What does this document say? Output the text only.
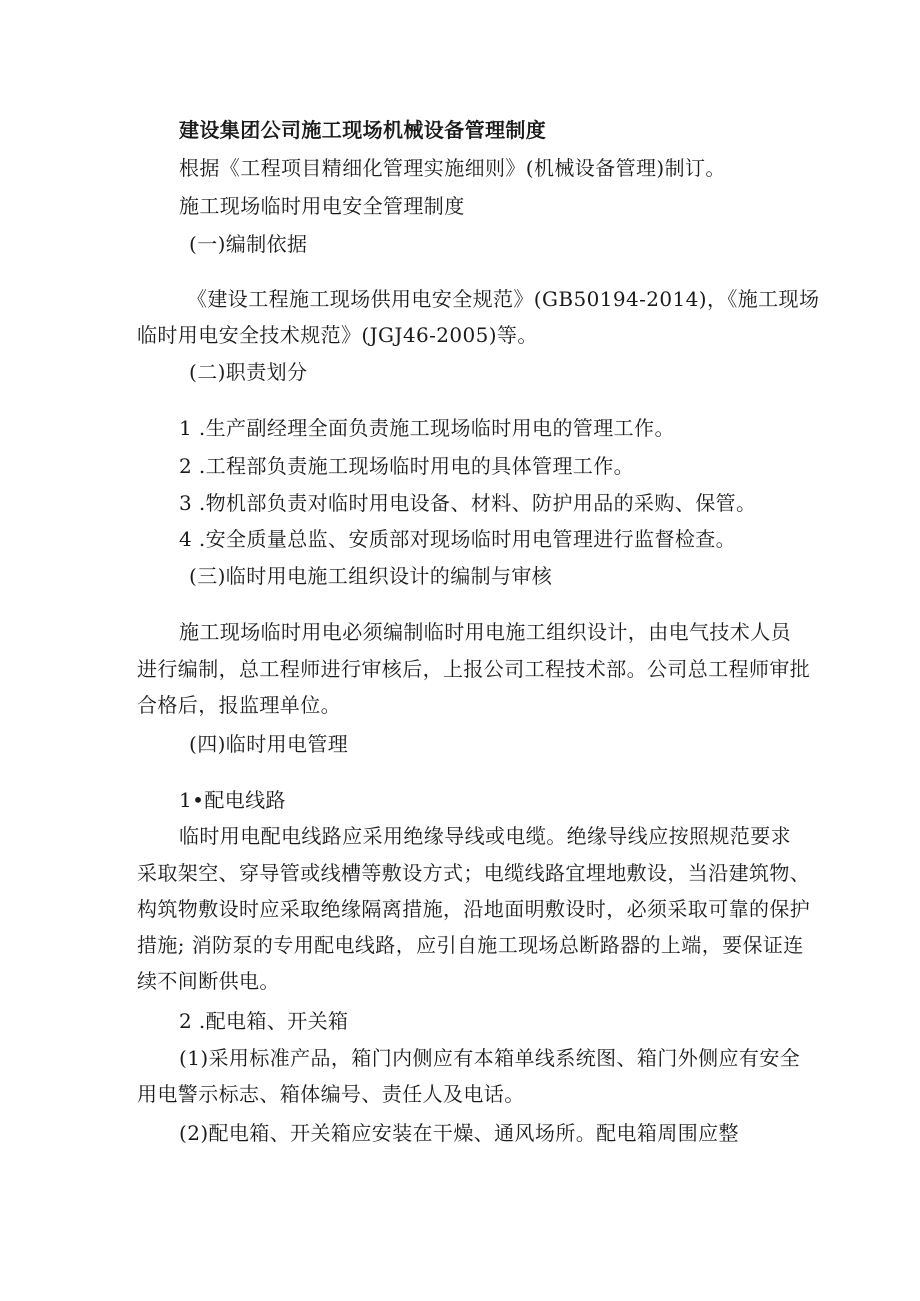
建设集团公司施工现场机械设备管理制度
根据《工程项目精细化管理实施细则》(机械设备管理)制订。
施工现场临时用电安全管理制度
(一)编制依据
《建设工程施工现场供用电安全规范》(GB50194-2014)，《施工现场
临时用电安全技术规范》(JGJ46-2005)等。
(二)职责划分
1 .生产副经理全面负责施工现场临时用电的管理工作。
2 .工程部负责施工现场临时用电的具体管理工作。
3 .物机部负责对临时用电设备、材料、防护用品的采购、保管。
4 .安全质量总监、安质部对现场临时用电管理进行监督检查。
(三)临时用电施工组织设计的编制与审核
施工现场临时用电必须编制临时用电施工组织设计，由电气技术人员
进行编制，总工程师进行审核后，上报公司工程技术部。公司总工程师审批
合格后，报监理单位。
(四)临时用电管理
1•配电线路
临时用电配电线路应采用绝缘导线或电缆。绝缘导线应按照规范要求
采取架空、穿导管或线槽等敷设方式；电缆线路宜埋地敷设，当沿建筑物、
构筑物敷设时应采取绝缘隔离措施，沿地面明敷设时，必须采取可靠的保护
措施; 消防泵的专用配电线路，应引自施工现场总断路器的上端，要保证连
续不间断供电。
2 .配电箱、开关箱
(1)采用标准产品，箱门内侧应有本箱单线系统图、箱门外侧应有安全
用电警示标志、箱体编号、责任人及电话。
(2)配电箱、开关箱应安装在干燥、通风场所。配电箱周围应整
